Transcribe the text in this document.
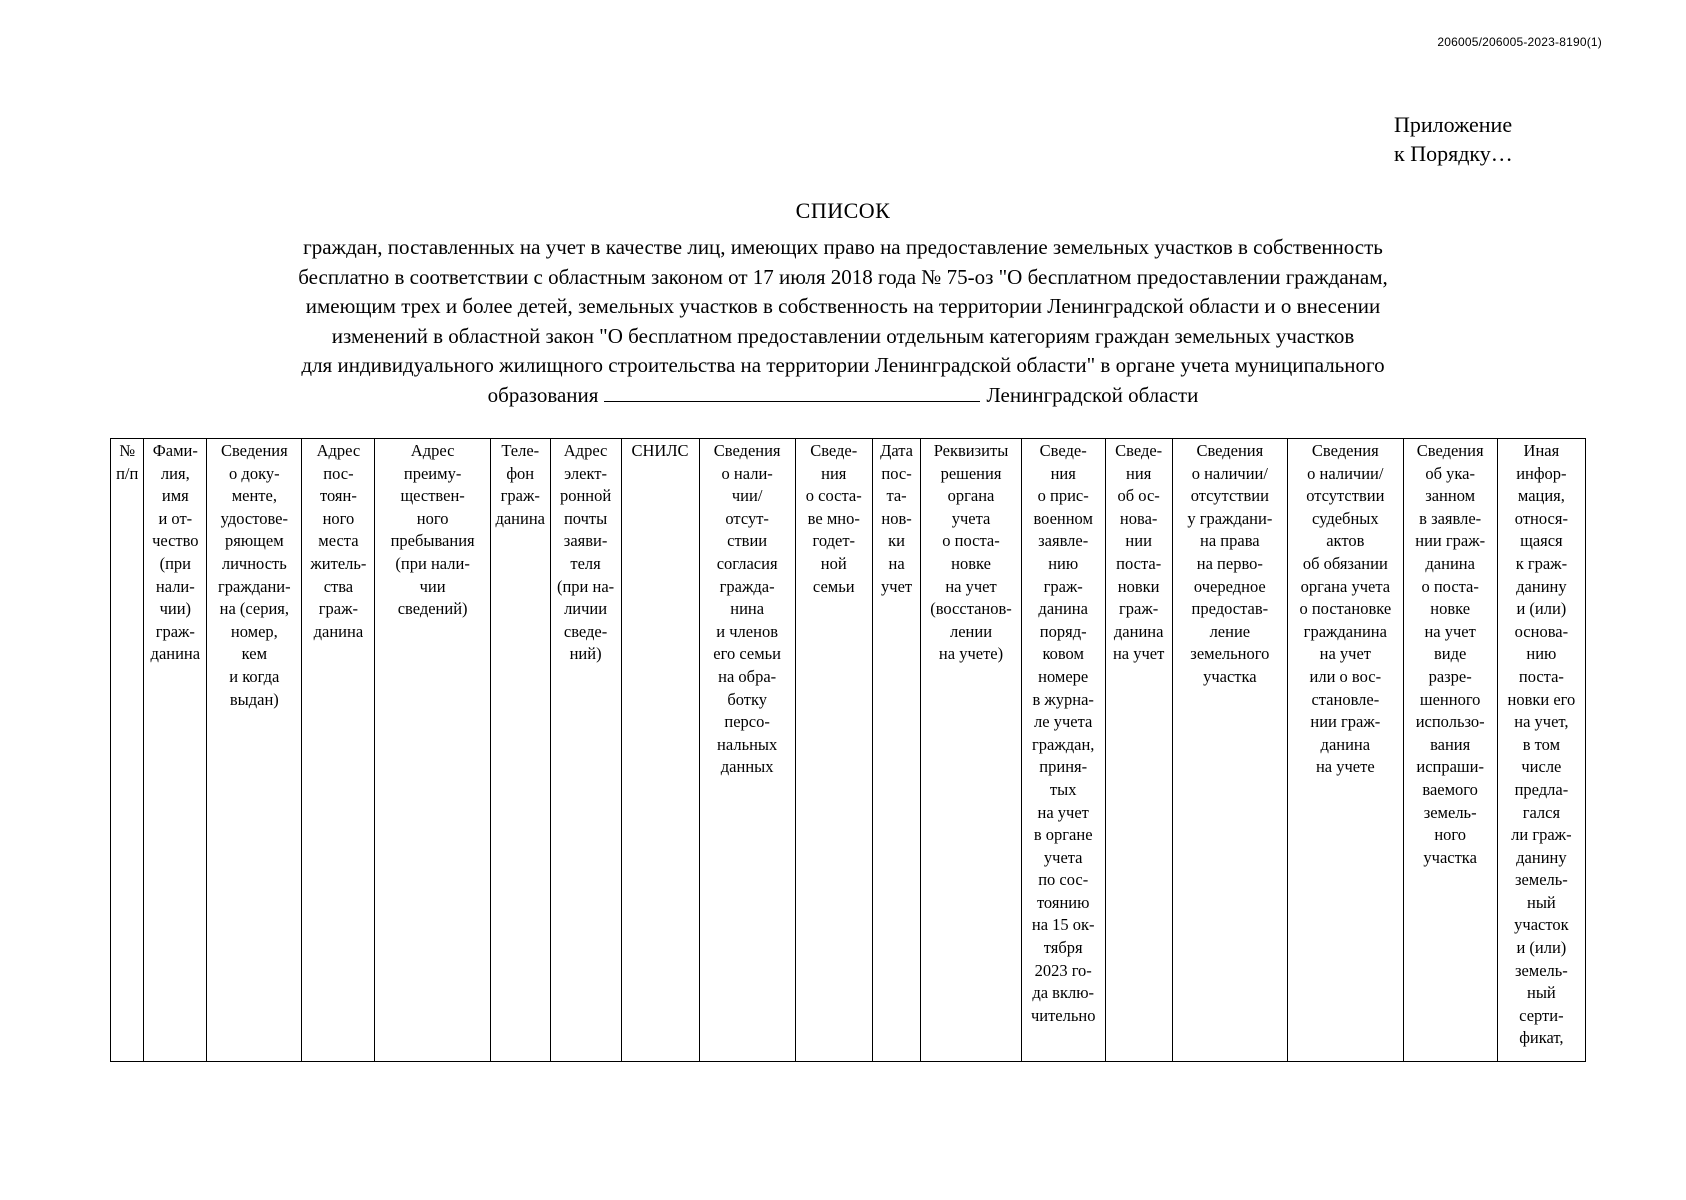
206005/206005-2023-8190(1)
Приложение
к Порядку…
СПИСОК
граждан, поставленных на учет в качестве лиц, имеющих право на предоставление земельных участков в собственность
бесплатно в соответствии с областным законом от 17 июля 2018 года № 75-оз "О бесплатном предоставлении гражданам,
имеющим трех и более детей, земельных участков в собственность на территории Ленинградской области и о внесении
изменений в областной закон "О бесплатном предоставлении отдельным категориям граждан земельных участков
для индивидуального жилищного строительства на территории Ленинградской области" в органе учета муниципального
образования	Ленинградской области
№
п/п	Фами-
лия,
имя
и от-
чество
(при
нали-
чии)
граж-
данина	Сведения
о доку-
менте,
удостове-
ряющем
личность
граждани-
на (серия,
номер,
кем
и когда
выдан)	Адрес
пос-
тоян-
ного
места
житель-
ства
граж-
данина	Адрес
преиму-
ществен-
ного
пребывания
(при нали-
чии
сведений)	Теле-
фон
граж-
данина	Адрес
элект-
ронной
почты
заяви-
теля
(при на-
личии
сведе-
ний)	СНИЛС	Сведения
о нали-
чии/
отсут-
ствии
согласия
гражда-
нина
и членов
его семьи
на обра-
ботку
персо-
нальных
данных	Сведе-
ния
о соста-
ве мно-
годет-
ной
семьи	Дата
пос-
та-
нов-
ки
на
учет	Реквизиты
решения
органа
учета
о поста-
новке
на учет
(восстанов-
лении
на учете)	Сведе-
ния
о прис-
военном
заявле-
нию
граж-
данина
поряд-
ковом
номере
в журна-
ле учета
граждан,
приня-
тых
на учет
в органе
учета
по сос-
тоянию
на 15 ок-
тября
2023 го-
да вклю-
чительно	Сведе-
ния
об ос-
нова-
нии
поста-
новки
граж-
данина
на учет	Сведения
о наличии/
отсутствии
у граждани-
на права
на перво-
очередное
предостав-
ление
земельного
участка	Сведения
о наличии/
отсутствии
судебных
актов
об обязании
органа учета
о постановке
гражданина
на учет
или о вос-
становле-
нии граж-
данина
на учете	Сведения
об ука-
занном
в заявле-
нии граж-
данина
о поста-
новке
на учет
виде
разре-
шенного
использо-
вания
испраши-
ваемого
земель-
ного
участка	Иная
инфор-
мация,
относя-
щаяся
к граж-
данину
и (или)
основа-
нию
поста-
новки его
на учет,
в том
числе
предла-
гался
ли граж-
данину
земель-
ный
участок
и (или)
земель-
ный
серти-
фикат,
